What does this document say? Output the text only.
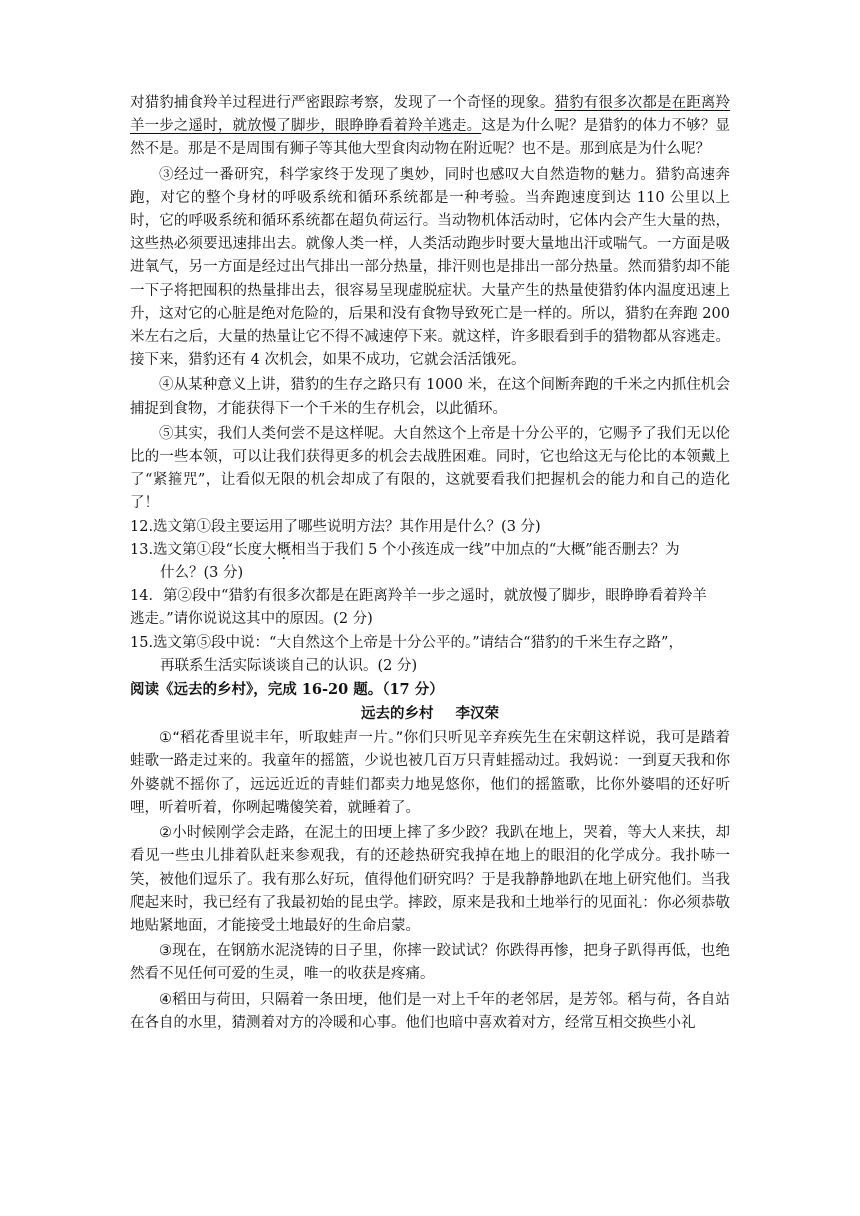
对猎豹捕食羚羊过程进行严密跟踪考察，发现了一个奇怪的现象。猎豹有很多次都是在距离羚羊一步之遥时，就放慢了脚步，眼睁睁看着羚羊逃走。这是为什么呢？是猎豹的体力不够？显然不是。那是不是周围有狮子等其他大型食肉动物在附近呢？也不是。那到底是为什么呢？

③经过一番研究，科学家终于发现了奥妙，同时也感叹大自然造物的魅力。猎豹高速奔跑，对它的整个身材的呼吸系统和循环系统都是一种考验。当奔跑速度到达 110 公里以上时，它的呼吸系统和循环系统都在超负荷运行。当动物机体活动时，它体内会产生大量的热，这些热必须要迅速排出去。就像人类一样，人类活动跑步时要大量地出汗或喘气。一方面是吸进氧气，另一方面是经过出气排出一部分热量，排汗则也是排出一部分热量。然而猎豹却不能一下子将把囤积的热量排出去，很容易呈现虚脱症状。大量产生的热量使猎豹体内温度迅速上升，这对它的心脏是绝对危险的，后果和没有食物导致死亡是一样的。所以，猎豹在奔跑 200 米左右之后，大量的热量让它不得不减速停下来。就这样，许多眼看到手的猎物都从容逃走。接下来，猎豹还有 4 次机会，如果不成功，它就会活活饿死。

④从某种意义上讲，猎豹的生存之路只有 1000 米，在这个间断奔跑的千米之内抓住机会捕捉到食物，才能获得下一个千米的生存机会，以此循环。

⑤其实，我们人类何尝不是这样呢。大自然这个上帝是十分公平的，它赐予了我们无以伦比的一些本领，可以让我们获得更多的机会去战胜困难。同时，它也给这无与伦比的本领戴上了“紧箍咒”，让看似无限的机会却成了有限的，这就要看我们把握机会的能力和自己的造化了！

12.选文第①段主要运用了哪些说明方法？其作用是什么？(3 分)

13.选文第①段“长度大概相当于我们 5 个小孩连成一线”中加点的“大概”能否删去？为

什么？(3 分)

14．第②段中“猎豹有很多次都是在距离羚羊一步之遥时，就放慢了脚步，眼睁睁看着羚羊

逃走。”请你说说这其中的原因。(2 分)

15.选文第⑤段中说：“大自然这个上帝是十分公平的。”请结合“猎豹的千米生存之路”，

再联系生活实际谈谈自己的认识。(2 分)

阅读《远去的乡村》，完成 16-20 题。（17 分）

远去的乡村 李汉荣

①“稻花香里说丰年，听取蛙声一片。”你们只听见辛弃疾先生在宋朝这样说，我可是踏着蛙歌一路走过来的。我童年的摇篮，少说也被几百万只青蛙摇动过。我妈说：一到夏天我和你外婆就不摇你了，远远近近的青蛙们都卖力地晃悠你，他们的摇篮歌，比你外婆唱的还好听哩，听着听着，你咧起嘴傻笑着，就睡着了。

②小时候刚学会走路，在泥土的田埂上摔了多少跤？我趴在地上，哭着，等大人来扶，却看见一些虫儿排着队赶来参观我，有的还趁热研究我掉在地上的眼泪的化学成分。我扑哧一笑，被他们逗乐了。我有那么好玩，值得他们研究吗？于是我静静地趴在地上研究他们。当我爬起来时，我已经有了我最初始的昆虫学。摔跤，原来是我和土地举行的见面礼：你必须恭敬地贴紧地面，才能接受土地最好的生命启蒙。

③现在，在钢筋水泥浇铸的日子里，你摔一跤试试？你跌得再惨，把身子趴得再低，也绝然看不见任何可爱的生灵，唯一的收获是疼痛。

④稻田与荷田，只隔着一条田埂，他们是一对上千年的老邻居，是芳邻。稻与荷，各自站在各自的水里，猜测着对方的冷暖和心事。他们也暗中喜欢着对方，经常互相交换些小礼
